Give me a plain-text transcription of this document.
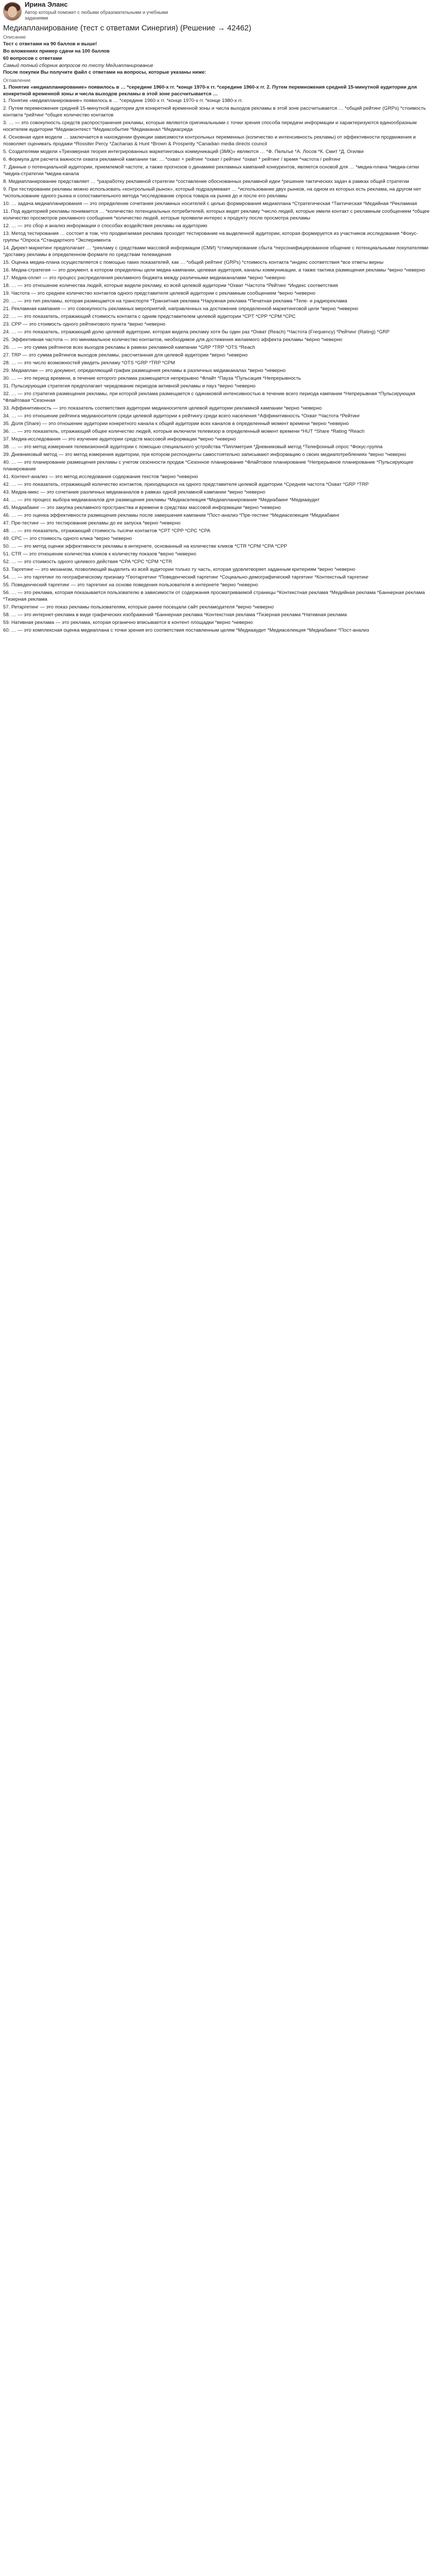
Ирина Эланс
Автор который поможет с любыми образовательными и учебными заданиями
Медиапланирование (тест с ответами Синергия) (Решение → 42462)
Описание
Тест с ответами на 90 баллов и выше!
Во вложениях пример сдачи на 100 баллов
60 вопросов с ответами
Самый полный сборник вопросов по тесту Медиапланирование
После покупки Вы получите файл с ответами на вопросы, которые указаны ниже:
Оглавление
1. Понятие «медиапланирование» появилось в … *середине 1960-х гг. *конце 1970-х гг. *середине 1960-х гг. 2. Путем перемножения средней 15-минутной аудитории для конкретной временной зоны и числа выходов рекламы в этой зоне рассчитывается …
1. Понятие «медиапланирование» появилось в … *середине 1960-х гг. *конце 1970-х гг. *конце 1980-х гг.
2. Путем перемножения средней 15-минутной аудитории для конкретной временной зоны и числа выходов рекламы в этой зоне рассчитывается … *общий рейтинг (GRPs) *стоимость контакта *рейтинг *общее количество контактов
3. … — это совокупность средств распространения рекламы, которые являются оригинальными с точки зрения способа передачи информации и характеризуются единообразным носителем аудитории *Медиаконтекст *Медиасобытие *Медиаканал *Медиасреда
4. Основная идея модели … заключается в нахождении функции зависимости контрольных переменных (количество и интенсивность рекламы) от эффективности продвижения и позволяет оценивать продажи *Rossiter Percy *Zacharias & Hunt *Brown & Prosperity *Canadian media directs council
5. Создателями модели «Трехмерная теория интегрированных маркетинговых коммуникаций (3МК)» являются … *Ф. Пельтье *А. Лосов *К. Смит *Д. Огилви
6. Формула для расчета важности охвата рекламной кампании так: … *охват + рейтинг *охват / рейтинг *охват * рейтинг / время *частота / рейтинг
7. Данные о потенциальной аудитории, приемлемой частоте, а также прогнозов о динамике рекламных кампаний конкурентов, является основой для … *медиа-плана *медиа-сетки *медиа-стратегии *медиа-канала
8. Медиапланирование представляет … *разработку рекламной стратегии *составление обоснованных рекламной идеи *решение тактических задач в рамках общей стратегии
9. При тестировании рекламы можно использовать «контрольный рынок», который подразумевает … *использование двух рынков, на одном из которых есть реклама, на другом нет *использование одного рынка и сопоставительного метода *исследование спроса товара на рынке до и после его рекламы
10. … задача медиапланирования — это определение сочетания рекламных носителей с целью формирования медиаплана *Стратегическая *Тактическая *Медийная *Рекламная
11. Под аудиторией рекламы понимается … *количество потенциальных потребителей, которых видят рекламу *число людей, которые имели контакт с рекламным сообщением *общее количество просмотров рекламного сообщения *количество людей, которые проявили интерес к продукту после просмотра рекламы
12. … — это сбор и анализ информации о способах воздействия рекламы на аудиторию
13. Метод тестирования … состоит в том, что продвигаемая реклама проходит тестирование на выделенной аудитории, которая формируется из участников исследования *Фокус-группы *Опроса *Стандартного *Эксперимента
14. Директ-маркетинг предполагает … *рекламу с средствами массовой информации (СМИ) *стимулирование сбыта *персонифицированное общение с потенциальными покупателями *доставку рекламы в определенном формате по средствам телевидения
15. Оценка медиа-плана осуществляется с помощью таких показателей, как … *общий рейтинг (GRPs) *стоимость контакта *индекс соответствия *все ответы верны
16. Медиа-стратегия — это документ, в котором определены цели медиа-кампании, целевая аудитория, каналы коммуникации, а также тактика размещения рекламы *верно *неверно
17. Медиа-сплит — это процесс распределения рекламного бюджета между различными медиаканалами *верно *неверно
18. … — это отношение количества людей, которые видели рекламу, ко всей целевой аудитории *Охват *Частота *Рейтинг *Индекс соответствия
19. Частота — это среднее количество контактов одного представителя целевой аудитории с рекламным сообщением *верно *неверно
20. … — это тип рекламы, которая размещается на транспорте *Транзитная реклама *Наружная реклама *Печатная реклама *Теле- и радиореклама
21. Рекламная кампания — это совокупность рекламных мероприятий, направленных на достижение определенной маркетинговой цели *верно *неверно
22. … — это показатель, отражающий стоимость контакта с одним представителем целевой аудитории *CPT *CPP *CPM *CPC
23. CPP — это стоимость одного рейтингового пункта *верно *неверно
24. … — это показатель, отражающий долю целевой аудитории, которая видела рекламу хотя бы один раз *Охват (Reach) *Частота (Frequency) *Рейтинг (Rating) *GRP
25. Эффективная частота — это минимальное количество контактов, необходимое для достижения желаемого эффекта рекламы *верно *неверно
26. … — это сумма рейтингов всех выходов рекламы в рамках рекламной кампании *GRP *TRP *OTS *Reach
27. TRP — это сумма рейтингов выходов рекламы, рассчитанная для целевой аудитории *верно *неверно
28. … — это число возможностей увидеть рекламу *OTS *GRP *TRP *CPM
29. Медиаплан — это документ, определяющий график размещения рекламы в различных медиаканалах *верно *неверно
30. … — это период времени, в течение которого реклама размещается непрерывно *Флайт *Пауза *Пульсация *Непрерывность
31. Пульсирующая стратегия предполагает чередование периодов активной рекламы и пауз *верно *неверно
32. … — это стратегия размещения рекламы, при которой реклама размещается с одинаковой интенсивностью в течение всего периода кампании *Непрерывная *Пульсирующая *Флайтовая *Сезонная
33. Аффинитивность — это показатель соответствия аудитории медианосителя целевой аудитории рекламной кампании *верно *неверно
34. … — это отношение рейтинга медианосителя среди целевой аудитории к рейтингу среди всего населения *Аффинитивность *Охват *Частота *Рейтинг
35. Доля (Share) — это отношение аудитории конкретного канала к общей аудитории всех каналов в определенный момент времени *верно *неверно
36. … — это показатель, отражающий общее количество людей, которые включили телевизор в определенный момент времени *HUT *Share *Rating *Reach
37. Медиа-исследования — это изучение аудитории средств массовой информации *верно *неверно
38. … — это метод измерения телевизионной аудитории с помощью специального устройства *Пиплметрия *Дневниковый метод *Телефонный опрос *Фокус-группа
39. Дневниковый метод — это метод измерения аудитории, при котором респонденты самостоятельно записывают информацию о своих медиапотреблениях *верно *неверно
40. … — это планирование размещения рекламы с учетом сезонности продаж *Сезонное планирование *Флайтовое планирование *Непрерывное планирование *Пульсирующее планирование
41. Контент-анализ — это метод исследования содержания текстов *верно *неверно
42. … — это показатель, отражающий количество контактов, приходящихся на одного представителя целевой аудитории *Средняя частота *Охват *GRP *TRP
43. Медиа-микс — это сочетание различных медиаканалов в рамках одной рекламной кампании *верно *неверно
44. … — это процесс выбора медиаканалов для размещения рекламы *Медиаселекция *Медиапланирование *Медиабаинг *Медиааудит
45. Медиабаинг — это закупка рекламного пространства и времени в средствах массовой информации *верно *неверно
46. … — это оценка эффективности размещения рекламы после завершения кампании *Пост-анализ *Пре-тестинг *Медиаселекция *Медиабаинг
47. Пре-тестинг — это тестирование рекламы до ее запуска *верно *неверно
48. … — это показатель, отражающий стоимость тысячи контактов *CPT *CPP *CPC *CPA
49. CPC — это стоимость одного клика *верно *неверно
50. … — это метод оценки эффективности рекламы в интернете, основанный на количестве кликов *CTR *CPM *CPA *CPP
51. CTR — это отношение количества кликов к количеству показов *верно *неверно
52. … — это стоимость одного целевого действия *CPA *CPC *CPM *CTR
53. Таргетинг — это механизм, позволяющий выделить из всей аудитории только ту часть, которая удовлетворяет заданным критериям *верно *неверно
54. … — это таргетинг по географическому признаку *Геотаргетинг *Поведенческий таргетинг *Социально-демографический таргетинг *Контекстный таргетинг
55. Поведенческий таргетинг — это таргетинг на основе поведения пользователя в интернете *верно *неверно
56. … — это реклама, которая показывается пользователю в зависимости от содержания просматриваемой страницы *Контекстная реклама *Медийная реклама *Баннерная реклама *Тизерная реклама
57. Ретаргетинг — это показ рекламы пользователям, которые ранее посещали сайт рекламодателя *верно *неверно
58. … — это интернет-реклама в виде графических изображений *Баннерная реклама *Контекстная реклама *Тизерная реклама *Нативная реклама
59. Нативная реклама — это реклама, которая органично вписывается в контент площадки *верно *неверно
60. … — это комплексная оценка медиаплана с точки зрения его соответствия поставленным целям *Медиааудит *Медиаселекция *Медиабаинг *Пост-анализ
